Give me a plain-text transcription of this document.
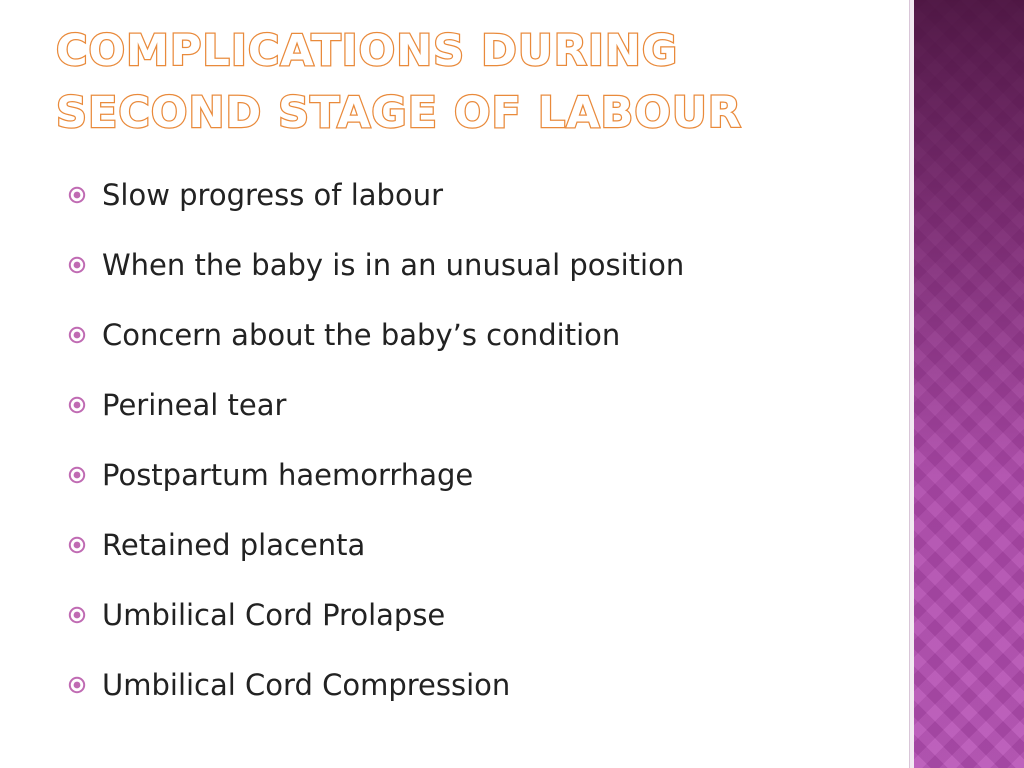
COMPLICATIONS DURING SECOND STAGE OF LABOUR
Slow progress of labour
When the baby is in an unusual position
Concern about the baby’s condition
Perineal tear
Postpartum haemorrhage
Retained placenta
Umbilical Cord Prolapse
Umbilical Cord Compression
